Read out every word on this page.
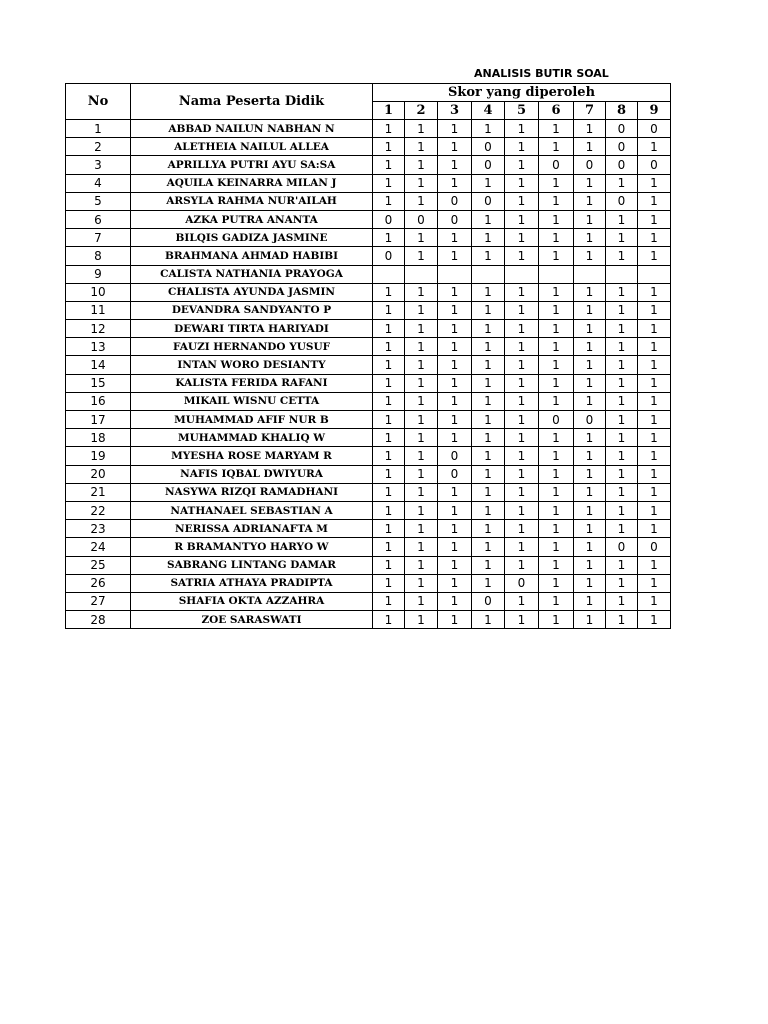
ANALISIS BUTIR SOAL
No	Nama Peserta Didik	Skor yang diperoleh								
		1	2	3	4	5	6	7	8	9
1	ABBAD NAILUN NABHAN N	1	1	1	1	1	1	1	0	0
2	ALETHEIA NAILUL ALLEA	1	1	1	0	1	1	1	0	1
3	APRILLYA PUTRI AYU SA:SA	1	1	1	0	1	0	0	0	0
4	AQUILA KEINARRA MILAN J	1	1	1	1	1	1	1	1	1
5	ARSYLA RAHMA NUR'AILAH	1	1	0	0	1	1	1	0	1
6	AZKA PUTRA ANANTA	0	0	0	1	1	1	1	1	1
7	BILQIS GADIZA JASMINE	1	1	1	1	1	1	1	1	1
8	BRAHMANA AHMAD HABIBI	0	1	1	1	1	1	1	1	1
9	CALISTA NATHANIA PRAYOGA									
10	CHALISTA AYUNDA JASMIN	1	1	1	1	1	1	1	1	1
11	DEVANDRA SANDYANTO P	1	1	1	1	1	1	1	1	1
12	DEWARI TIRTA HARIYADI	1	1	1	1	1	1	1	1	1
13	FAUZI HERNANDO YUSUF	1	1	1	1	1	1	1	1	1
14	INTAN WORO DESIANTY	1	1	1	1	1	1	1	1	1
15	KALISTA FERIDA RAFANI	1	1	1	1	1	1	1	1	1
16	MIKAIL WISNU CETTA	1	1	1	1	1	1	1	1	1
17	MUHAMMAD AFIF NUR B	1	1	1	1	1	0	0	1	1
18	MUHAMMAD KHALIQ W	1	1	1	1	1	1	1	1	1
19	MYESHA ROSE MARYAM R	1	1	0	1	1	1	1	1	1
20	NAFIS IQBAL DWIYURA	1	1	0	1	1	1	1	1	1
21	NASYWA RIZQI RAMADHANI	1	1	1	1	1	1	1	1	1
22	NATHANAEL SEBASTIAN A	1	1	1	1	1	1	1	1	1
23	NERISSA ADRIANAFTA M	1	1	1	1	1	1	1	1	1
24	R BRAMANTYO HARYO W	1	1	1	1	1	1	1	0	0
25	SABRANG LINTANG DAMAR	1	1	1	1	1	1	1	1	1
26	SATRIA ATHAYA PRADIPTA	1	1	1	1	0	1	1	1	1
27	SHAFIA OKTA AZZAHRA	1	1	1	0	1	1	1	1	1
28	ZOE SARASWATI	1	1	1	1	1	1	1	1	1
